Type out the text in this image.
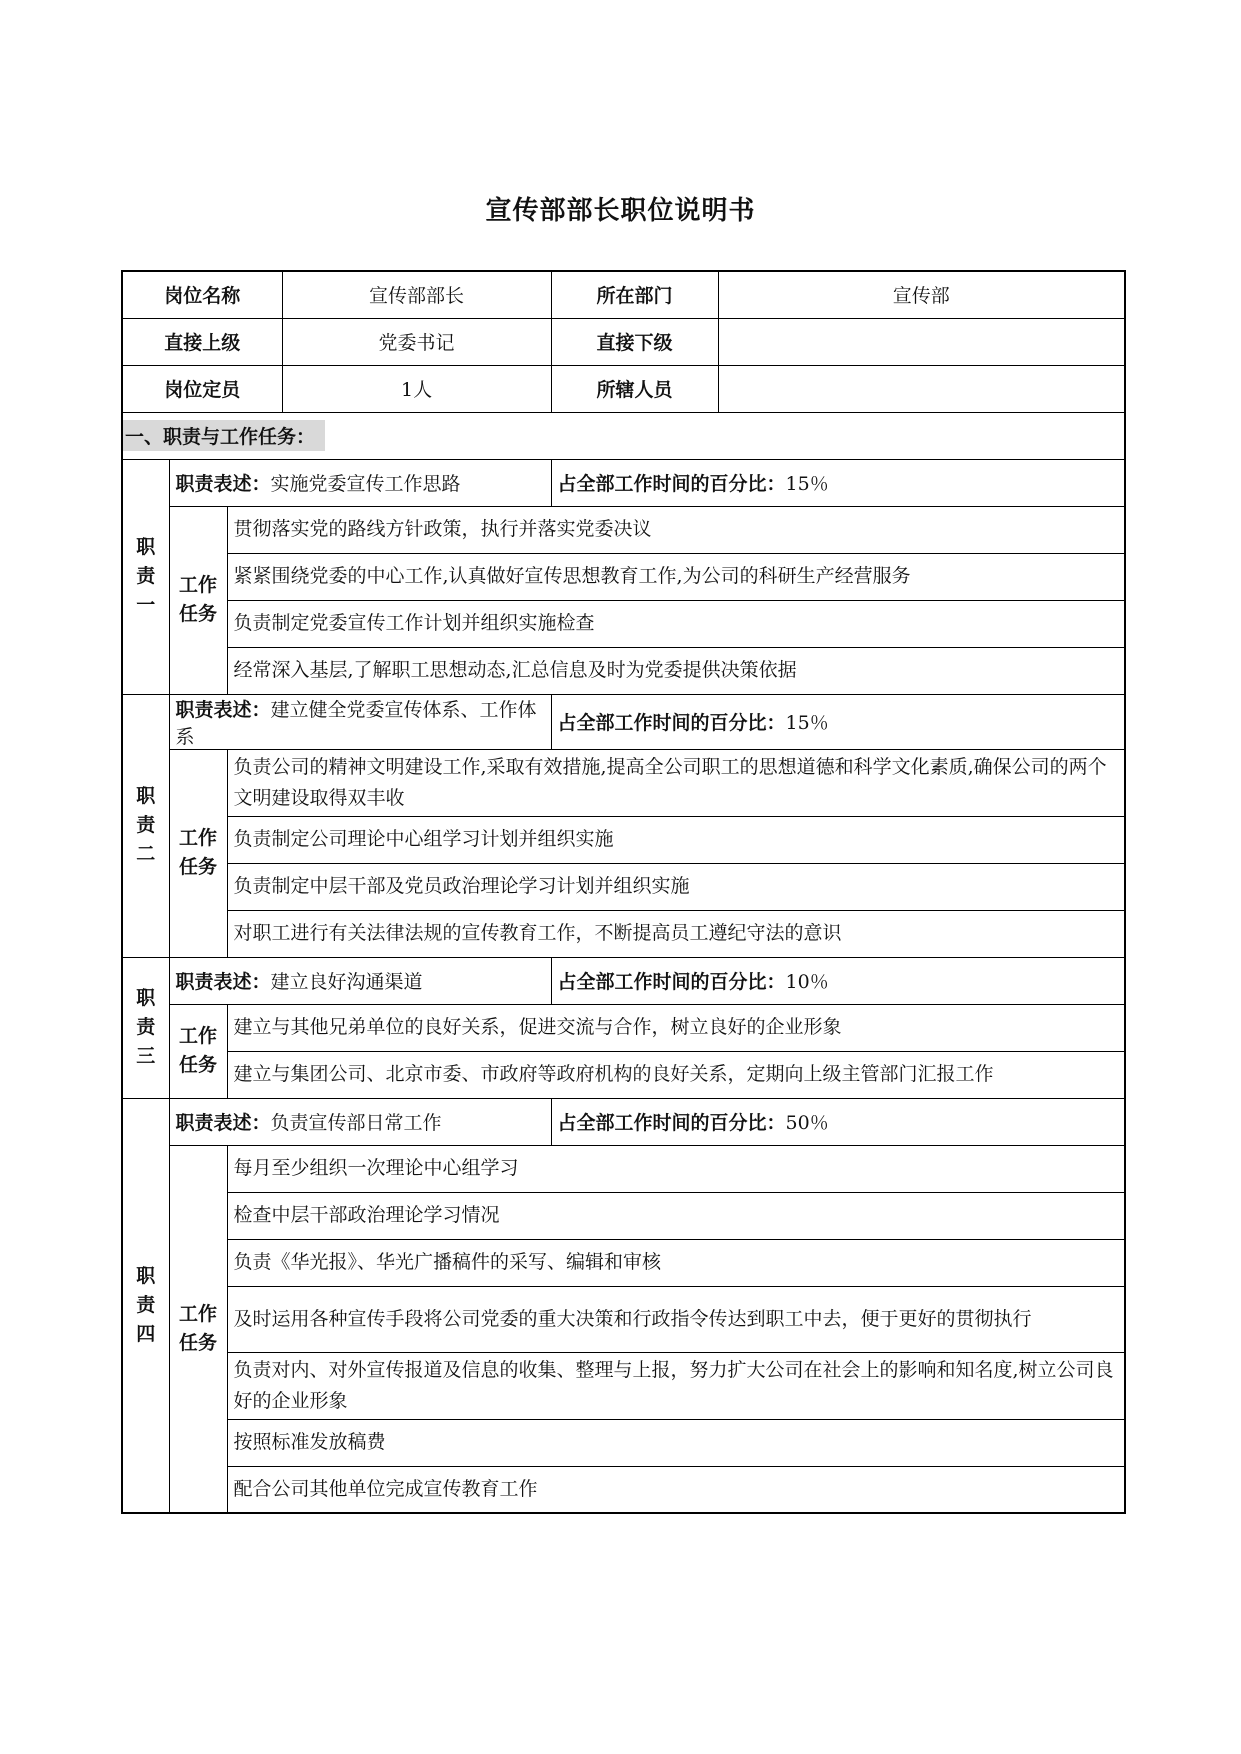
宣传部部长职位说明书
岗位名称			宣传部部长	所在部门	宣传部
直接上级			党委书记	直接下级	
岗位定员			1人	所辖人员	
一、职责与工作任务：					
职责一	职责表述：实施党委宣传工作思路			占全部工作时间的百分比：15％	
	工作任务	贯彻落实党的路线方针政策，执行并落实党委决议			
		紧紧围绕党委的中心工作,认真做好宣传思想教育工作,为公司的科研生产经营服务			
		负责制定党委宣传工作计划并组织实施检查			
		经常深入基层,了解职工思想动态,汇总信息及时为党委提供决策依据			
职责二	职责表述：建立健全党委宣传体系、工作体系			占全部工作时间的百分比：15％	
	工作任务	负责公司的精神文明建设工作,采取有效措施,提高全公司职工的思想道德和科学文化素质,确保公司的两个文明建设取得双丰收			
		负责制定公司理论中心组学习计划并组织实施			
		负责制定中层干部及党员政治理论学习计划并组织实施			
		对职工进行有关法律法规的宣传教育工作，不断提高员工遵纪守法的意识			
职责三	职责表述：建立良好沟通渠道			占全部工作时间的百分比：10％	
	工作任务	建立与其他兄弟单位的良好关系，促进交流与合作，树立良好的企业形象			
		建立与集团公司、北京市委、市政府等政府机构的良好关系，定期向上级主管部门汇报工作			
职责四	职责表述：负责宣传部日常工作			占全部工作时间的百分比：50％	
	工作任务	每月至少组织一次理论中心组学习			
		检查中层干部政治理论学习情况			
		负责《华光报》、华光广播稿件的采写、编辑和审核			
		及时运用各种宣传手段将公司党委的重大决策和行政指令传达到职工中去，便于更好的贯彻执行			
		负责对内、对外宣传报道及信息的收集、整理与上报，努力扩大公司在社会上的影响和知名度,树立公司良好的企业形象			
		按照标准发放稿费			
		配合公司其他单位完成宣传教育工作			
